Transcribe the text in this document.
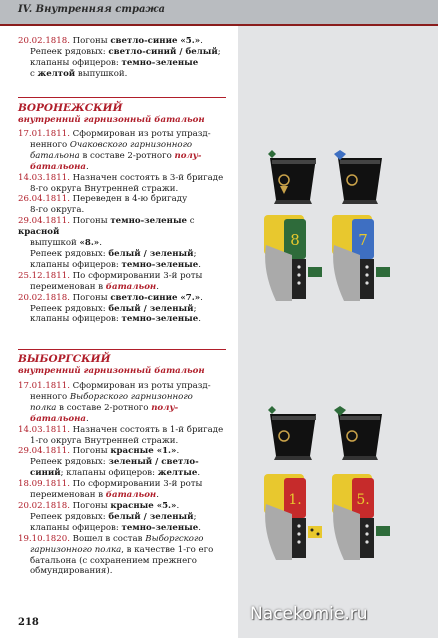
IV. Внутренняя стража

20.02.1818. Погоны светло-синие «5.».

Репеек рядовых: светло-синий / белый;

клапаны офицеров: темно-зеленые

с желтой выпушкой.

ВОРОНЕЖСКИЙ
внутренний гарнизонный батальон

17.01.1811. Сформирован из роты упразд-

ненного Очаковского гарнизонного

батальона в составе 2-ротного полу-

батальона.

14.03.1811. Назначен состоять в 3-й бригаде

8-го округа Внутренней стражи.

26.04.1811. Переведен в 4-ю бригаду

8-го округа.

29.04.1811. Погоны темно-зеленые с красной

выпушкой «8.».

Репеек рядовых: белый / зеленый;

клапаны офицеров: темно-зеленые.

25.12.1811. По сформировании 3-й роты

переименован в батальон.

20.02.1818. Погоны светло-синие «7.».

Репеек рядовых: белый / зеленый;

клапаны офицеров: темно-зеленые.

ВЫБОРГСКИЙ
внутренний гарнизонный батальон

17.01.1811. Сформирован из роты упразд-

ненного Выборгского гарнизонного

полка в составе 2-ротного полу-

батальона.

14.03.1811. Назначен состоять в 1-й бригаде

1-го округа Внутренней стражи.

29.04.1811. Погоны красные «1.».

Репеек рядовых: зеленый / светло-

синий; клапаны офицеров: желтые.

18.09.1811. По сформировании 3-й роты

переименован в батальон.

20.02.1818. Погоны красные «5.».

Репеек рядовых: белый / зеленый;

клапаны офицеров: темно-зеленые.

19.10.1820. Вошел в состав Выборгского

гарнизонного полка, в качестве 1-го его

батальона (с сохранением прежнего

обмундирования).

8	7
1.	5.
218	Nacekomie.ru
